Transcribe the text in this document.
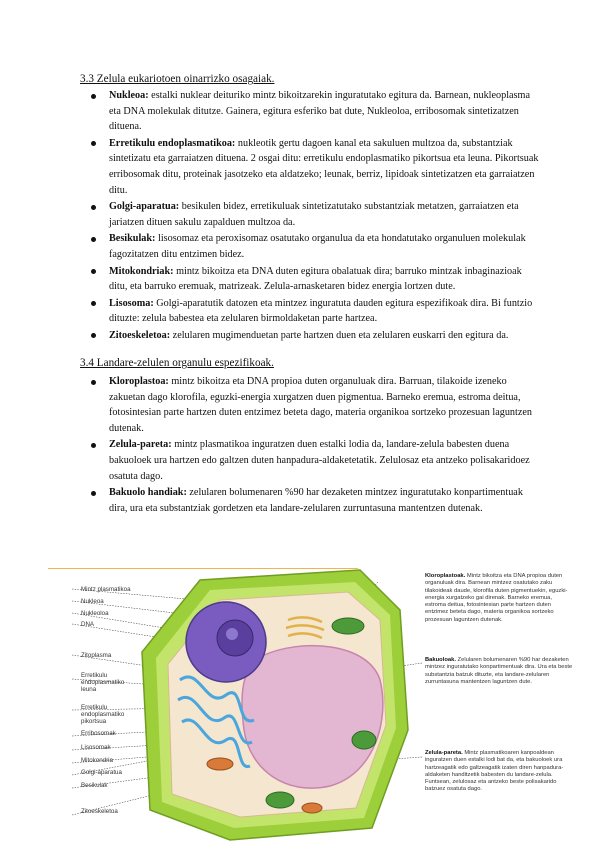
3.3 Zelula eukariotoen oinarrizko osagaiak.
Nukleoa: estalki nuklear deituriko mintz bikoitzarekin inguratutako egitura da. Barnean, nukleoplasma eta DNA molekulak ditutze. Gainera, egitura esferiko bat dute, Nukleoloa, erribosomak sintetizatzen dituena.
Erretikulu endoplasmatikoa: nukleotik gertu dagoen kanal eta sakuluen multzoa da, substantziak sintetizatu eta garraiatzen dituena. 2 osgai ditu: erretikulu endoplasmatiko pikortsua eta leuna. Pikortsuak erribosomak ditu, proteinak jasotzeko eta aldatzeko; leunak, berriz, lipidoak sintetizatzen eta garraiatzen ditu.
Golgi-aparatua: besikulen bidez, erretikuluak sintetizatutako substantziak metatzen, garraiatzen eta jariatzen dituen sakulu zapalduen multzoa da.
Besikulak: lisosomaz eta peroxisomaz osatutako organulua da eta hondatutako organuluen molekulak fagozitatzen ditu entzimen bidez.
Mitokondriak: mintz bikoitza eta DNA duten egitura obalatuak dira; barruko mintzak inbaginazioak ditu, eta barruko eremuak, matrizeak. Zelula-arnasketaren bidez energia lortzen dute.
Lisosoma: Golgi-aparatutik datozen eta mintzez inguratuta dauden egitura espezifikoak dira. Bi funtzio dituzte: zelula babestea eta zelularen birmoldaketan parte hartzea.
Zitoeskeletoa: zelularen mugimenduetan parte hartzen duen eta zelularen euskarri den egitura da.
3.4 Landare-zelulen organulu espezifikoak.
Kloroplastoa: mintz bikoitza eta DNA propioa duten organuluak dira. Barruan, tilakoide izeneko zakuetan dago klorofila, eguzki-energia xurgatzen duen pigmentua. Barneko eremua, estroma deitua, fotosintesian parte hartzen duten entzimez beteta dago, materia organikoa sortzeko prozesuan laguntzen dutenak.
Zelula-pareta: mintz plasmatikoa inguratzen duen estalki lodia da, landare-zelula babesten duena bakuoloek ura hartzen edo galtzen duten hanpadura-aldaketetatik. Zelulosaz eta antzeko polisakaridoez osatuta dago.
Bakuolo handiak: zelularen bolumenaren %90 har dezaketen mintzez inguratutako konpartimentuak dira, ura eta substantziak gordetzen eta landare-zelularen zurruntasuna mantentzen dutenak.
Mintz plasmatikoa
Nukleoa
Nukleoloa
DNA
Zitoplasma
Erretikulu endoplasmatiko leuna
Erretikulu endoplasmatiko pikortsua
Erribosomak
Lisosomak
Mitokondria
Golgi-aparatua
Besikulak
Zitoeskeletoa
Kloroplastoak. Mintz bikoitza eta DNA propioa duten organuluak dira. Barnean mintzez osatutako zaku tilakoideak daude, klorofila duten pigmentuekin, eguzki-energia xurgatzeko gai direnak. Barneko eremua, estroma deitua, fotosintesian parte hartzen duten entzimez beteta dago, materia organikoa sortzeko prozesuan laguntzen dutenak.
Bakuoloak. Zelularen bolumenaren %90 har dezaketen mintzez inguratutako konpartimentuak dira. Ura eta beste substantzia batzuk dituzte, eta landare-zelularen zurruntasuna mantentzen laguntzen dute.
Zelula-pareta. Mintz plasmatikoaren kanpoaldean inguratzen duen estalki lodi bat da, eta bakuoloek ura hartzeagatik edo galtzeagatik izaten diren hanpadura-aldaketen handitzetik babesten du landare-zelula. Funtsean, zelulosaz eta antzeko beste polisakarido batzuez osatuta dago.
